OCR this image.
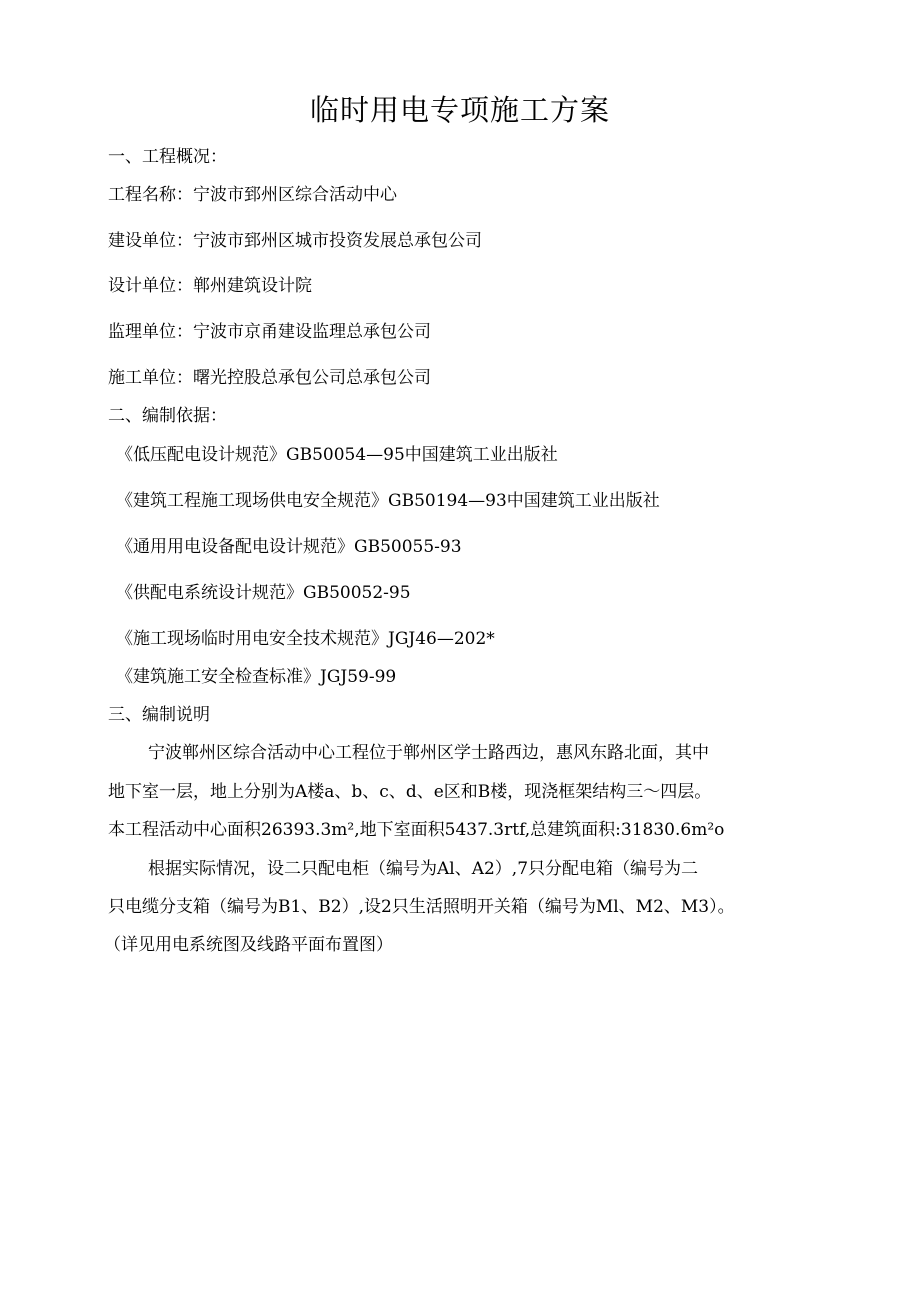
临时用电专项施工方案
一、工程概况：
工程名称：宁波市郅州区综合活动中心
建设单位：宁波市郅州区城市投资发展总承包公司
设计单位：郸州建筑设计院
监理单位：宁波市京甬建设监理总承包公司
施工单位：曙光控股总承包公司总承包公司
二、编制依据：
《低压配电设计规范》GB50054—95中国建筑工业出版社
《建筑工程施工现场供电安全规范》GB50194—93中国建筑工业出版社
《通用用电设备配电设计规范》GB50055-93
《供配电系统设计规范》GB50052-95
《施工现场临时用电安全技术规范》JGJ46—202*
《建筑施工安全检查标准》JGJ59-99
三、编制说明
宁波郸州区综合活动中心工程位于郸州区学士路西边，惠风东路北面，其中
地下室一层，地上分别为A楼a、b、c、d、e区和B楼，现浇框架结构三～四层。
本工程活动中心面积26393.3m²,地下室面积5437.3rtf,总建筑面积:31830.6m²o
根据实际情况，设二只配电柜（编号为Al、A2）,7只分配电箱（编号为二
只电缆分支箱（编号为B1、B2）,设2只生活照明开关箱（编号为Ml、M2、M3）。
（详见用电系统图及线路平面布置图）
